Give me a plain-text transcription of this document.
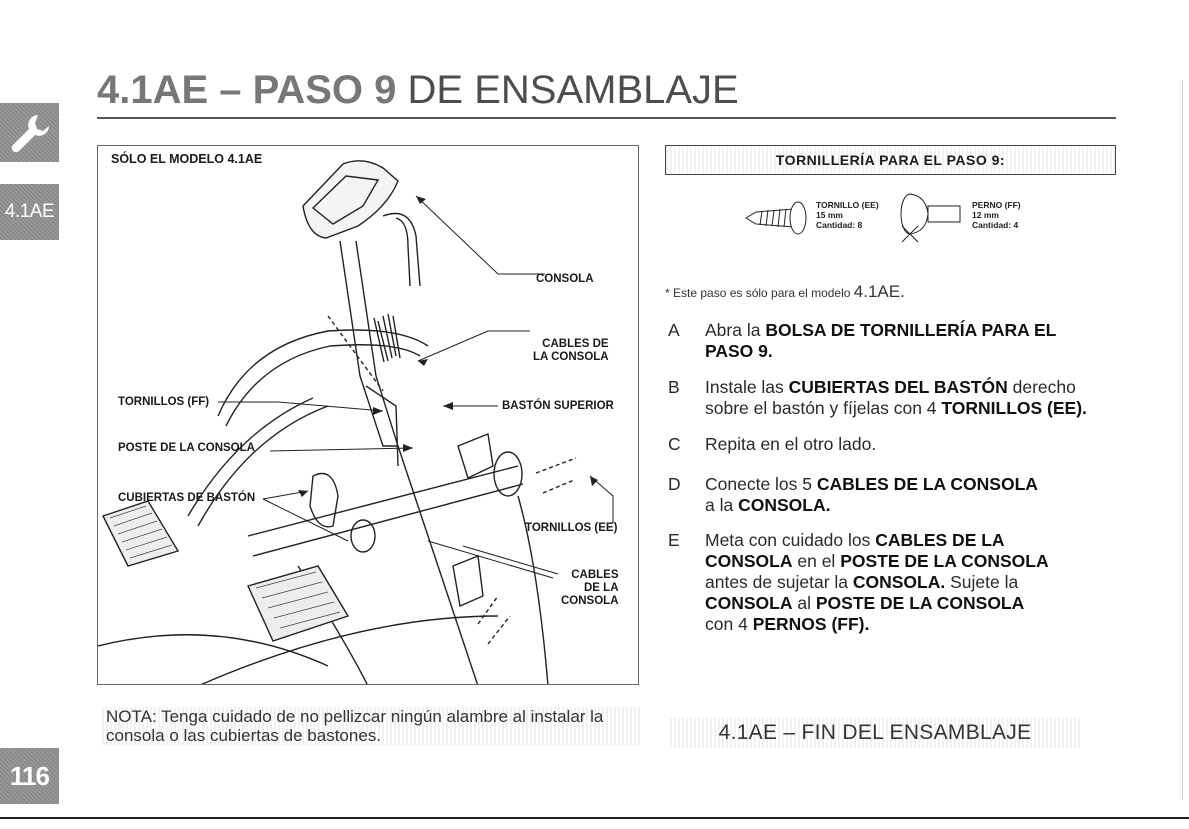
4.1AE
116
4.1AE – PASO 9 DE ENSAMBLAJE
SÓLO EL MODELO 4.1AE
CONSOLA
CABLES DE
LA CONSOLA
TORNILLOS (FF)	BASTÓN SUPERIOR
POSTE DE LA CONSOLA
CUBIERTAS DE BASTÓN
TORNILLOS (EE)
CABLES
DE LA
CONSOLA
NOTA: Tenga cuidado de no pellizcar ningún alambre al instalar la consola o las cubiertas de bastones.
TORNILLERÍA PARA EL PASO 9:
TORNILLO (EE)
15 mm
Cantidad: 8
PERNO (FF)
12 mm
Cantidad: 4
* Este paso es sólo para el modelo 4.1AE.
A	Abra la BOLSA DE TORNILLERÍA PARA EL
PASO 9.
B	Instale las CUBIERTAS DEL BASTÓN derecho
sobre el bastón y fíjelas con 4 TORNILLOS (EE).
C	Repita en el otro lado.
D	Conecte los 5 CABLES DE LA CONSOLA
a la CONSOLA.
E	Meta con cuidado los CABLES DE LA
CONSOLA en el POSTE DE LA CONSOLA
antes de sujetar la CONSOLA. Sujete la
CONSOLA al POSTE DE LA CONSOLA
con 4 PERNOS (FF).
4.1AE – FIN DEL ENSAMBLAJE
